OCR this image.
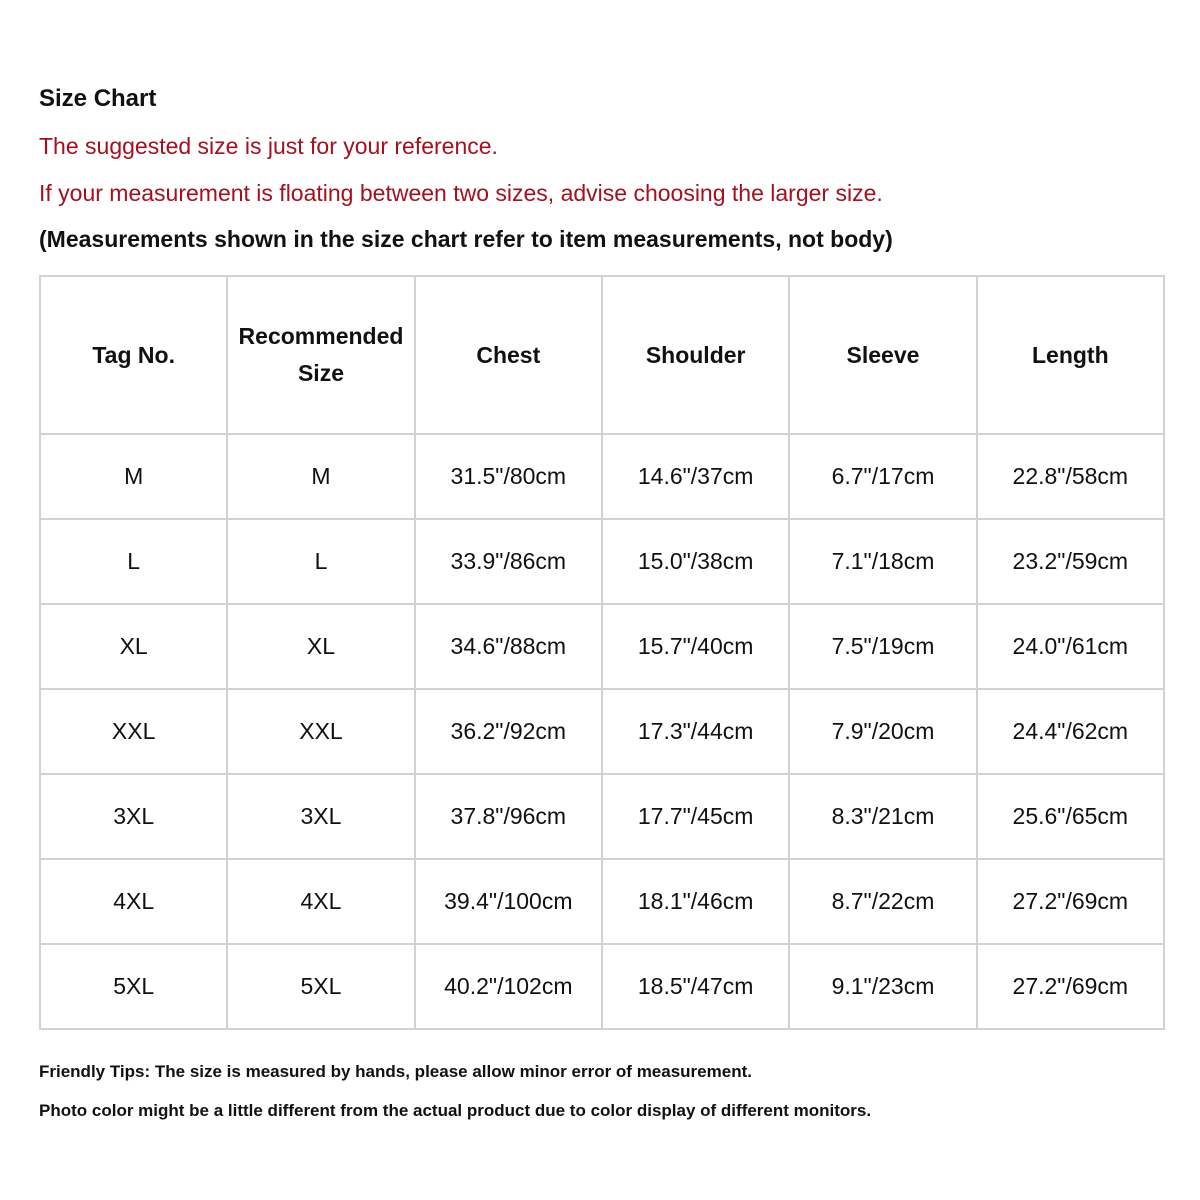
Size Chart
The suggested size is just for your reference.
If your measurement is floating between two sizes, advise choosing the larger size.
(Measurements shown in the size chart refer to item measurements, not body)
Tag No.	Recommended Size	Chest	Shoulder	Sleeve	Length
M	M	31.5"/80cm	14.6"/37cm	6.7"/17cm	22.8"/58cm
L	L	33.9"/86cm	15.0"/38cm	7.1"/18cm	23.2"/59cm
XL	XL	34.6"/88cm	15.7"/40cm	7.5"/19cm	24.0"/61cm
XXL	XXL	36.2"/92cm	17.3"/44cm	7.9"/20cm	24.4"/62cm
3XL	3XL	37.8"/96cm	17.7"/45cm	8.3"/21cm	25.6"/65cm
4XL	4XL	39.4"/100cm	18.1"/46cm	8.7"/22cm	27.2"/69cm
5XL	5XL	40.2"/102cm	18.5"/47cm	9.1"/23cm	27.2"/69cm
Friendly Tips: The size is measured by hands, please allow minor error of measurement.
Photo color might be a little different from the actual product due to color display of different monitors.
